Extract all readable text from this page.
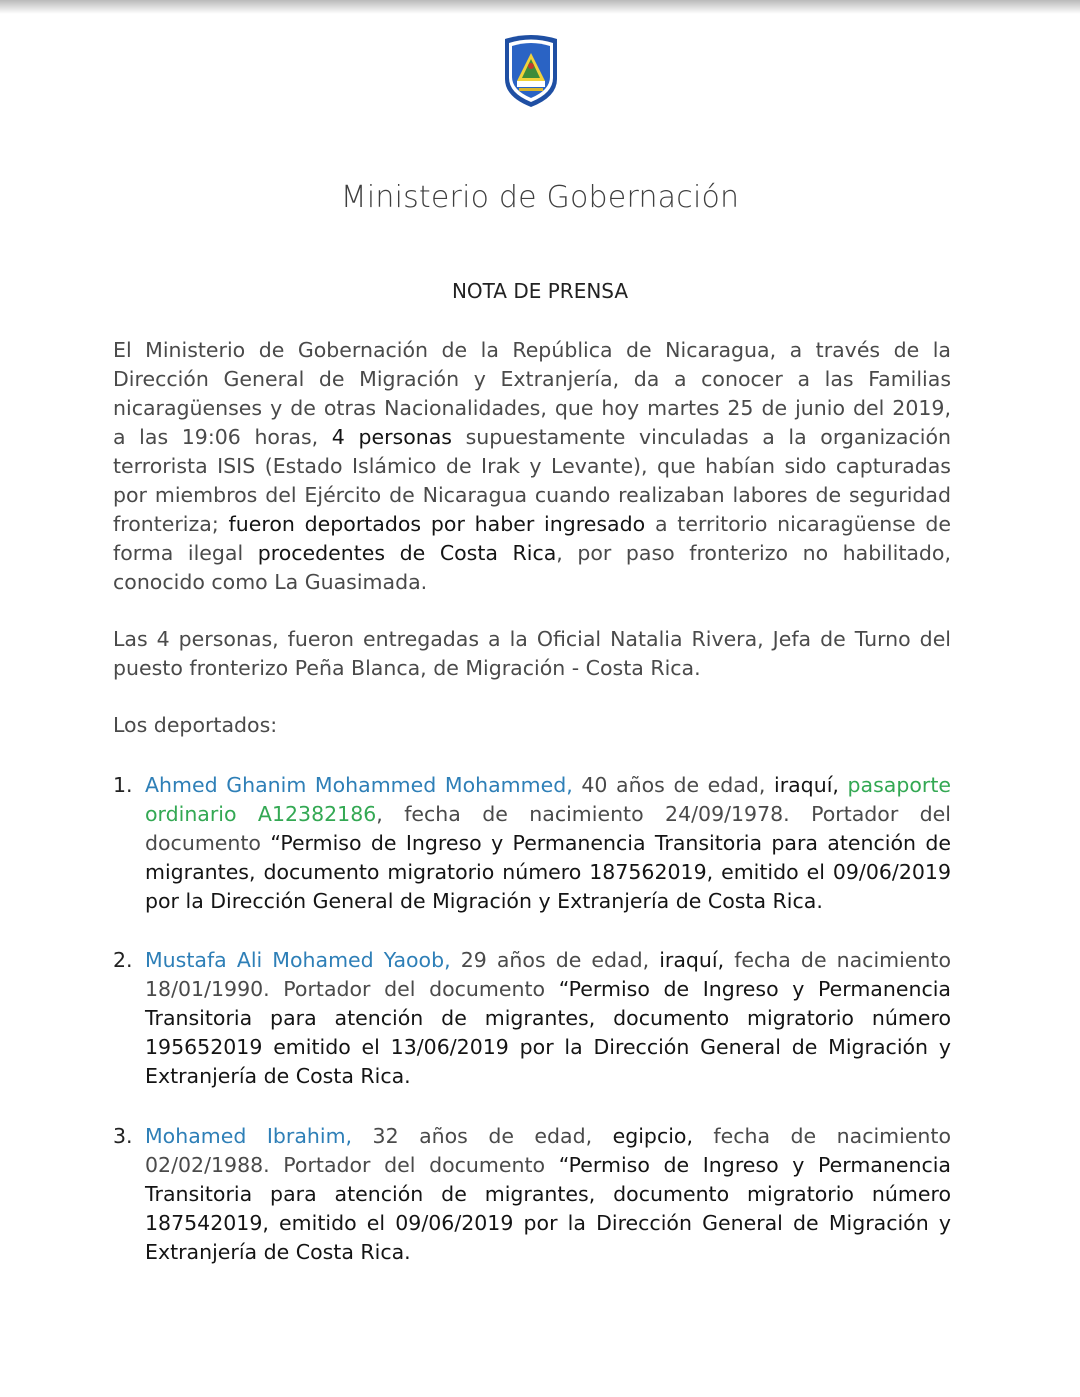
Ministerio de Gobernación
NOTA DE PRENSA

El Ministerio de Gobernación de la República de Nicaragua, a través de la Dirección General de Migración y Extranjería, da a conocer a las Familias nicaragüenses y de otras Nacionalidades, que hoy martes 25 de junio del 2019, a las 19:06 horas, 4 personas supuestamente vinculadas a la organización terrorista ISIS (Estado Islámico de Irak y Levante), que habían sido capturadas por miembros del Ejército de Nicaragua cuando realizaban labores de seguridad fronteriza; fueron deportados por haber ingresado a territorio nicaragüense de forma ilegal procedentes de Costa Rica, por paso fronterizo no habilitado, conocido como La Guasimada.

Las 4 personas, fueron entregadas a la Oficial Natalia Rivera, Jefa de Turno del puesto fronterizo Peña Blanca, de Migración - Costa Rica.

Los deportados:

1. Ahmed Ghanim Mohammed Mohammed, 40 años de edad, iraquí, pasaporte ordinario A12382186, fecha de nacimiento 24/09/1978. Portador del documento “Permiso de Ingreso y Permanencia Transitoria para atención de migrantes, documento migratorio número 187562019, emitido el 09/06/2019 por la Dirección General de Migración y Extranjería de Costa Rica.
2. Mustafa Ali Mohamed Yaoob, 29 años de edad, iraquí, fecha de nacimiento 18/01/1990. Portador del documento “Permiso de Ingreso y Permanencia Transitoria para atención de migrantes, documento migratorio número 195652019 emitido el 13/06/2019 por la Dirección General de Migración y Extranjería de Costa Rica.
3. Mohamed Ibrahim, 32 años de edad, egipcio, fecha de nacimiento 02/02/1988. Portador del documento “Permiso de Ingreso y Permanencia Transitoria para atención de migrantes, documento migratorio número 187542019, emitido el 09/06/2019 por la Dirección General de Migración y Extranjería de Costa Rica.
